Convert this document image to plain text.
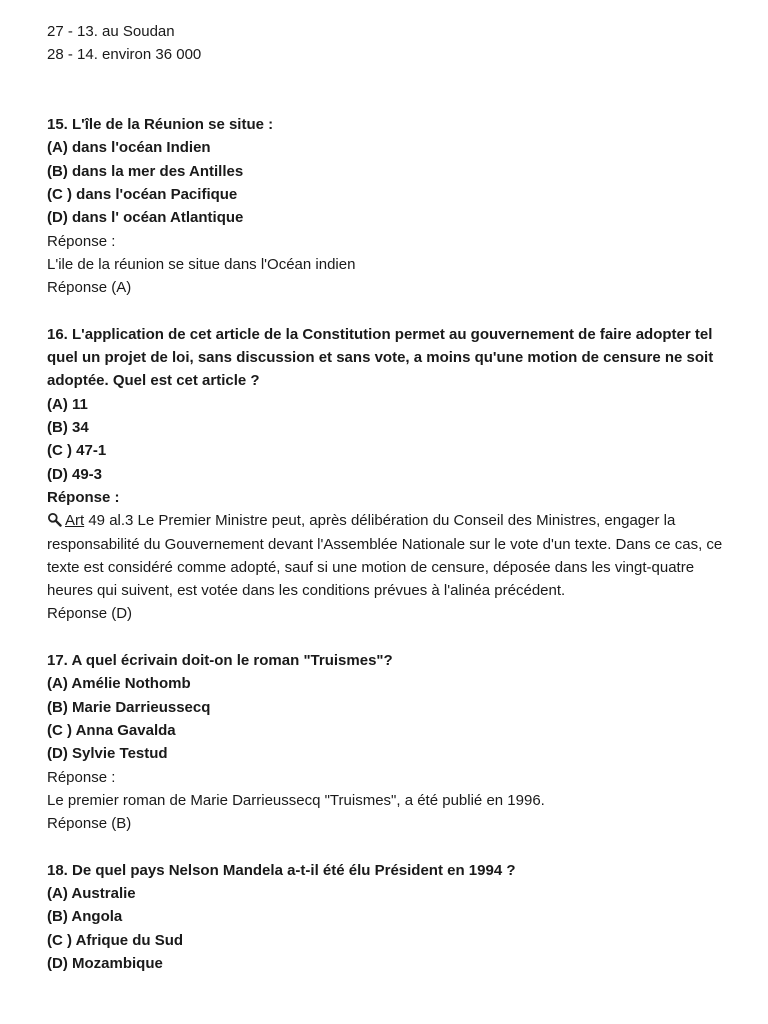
27 - 13. au Soudan
28 - 14. environ 36 000
15. L'île de la Réunion se situe :
(A) dans l'océan Indien
(B) dans la mer des Antilles
(C ) dans l'océan Pacifique
(D) dans l' océan Atlantique
Réponse :
L'ile de la réunion se situe dans l'Océan indien
Réponse (A)
16. L'application de cet article de la Constitution permet au gouvernement de faire adopter tel quel un projet de loi, sans discussion et sans vote, a moins qu'une motion de censure ne soit adoptée. Quel est cet article ?
(A) 11
(B) 34
(C ) 47-1
(D) 49-3
Réponse :
Art 49 al.3 Le Premier Ministre peut, après délibération du Conseil des Ministres, engager la responsabilité du Gouvernement devant l'Assemblée Nationale sur le vote d'un texte. Dans ce cas, ce texte est considéré comme adopté, sauf si une motion de censure, déposée dans les vingt-quatre heures qui suivent, est votée dans les conditions prévues à l'alinéa précédent.
Réponse (D)
17. A quel écrivain doit-on le roman "Truismes"?
(A) Amélie Nothomb
(B) Marie Darrieussecq
(C ) Anna Gavalda
(D) Sylvie Testud
Réponse :
Le premier roman de Marie Darrieussecq "Truismes", a été publié en 1996.
Réponse (B)
18. De quel pays Nelson Mandela a-t-il été élu Président en 1994 ?
(A) Australie
(B) Angola
(C ) Afrique du Sud
(D) Mozambique
